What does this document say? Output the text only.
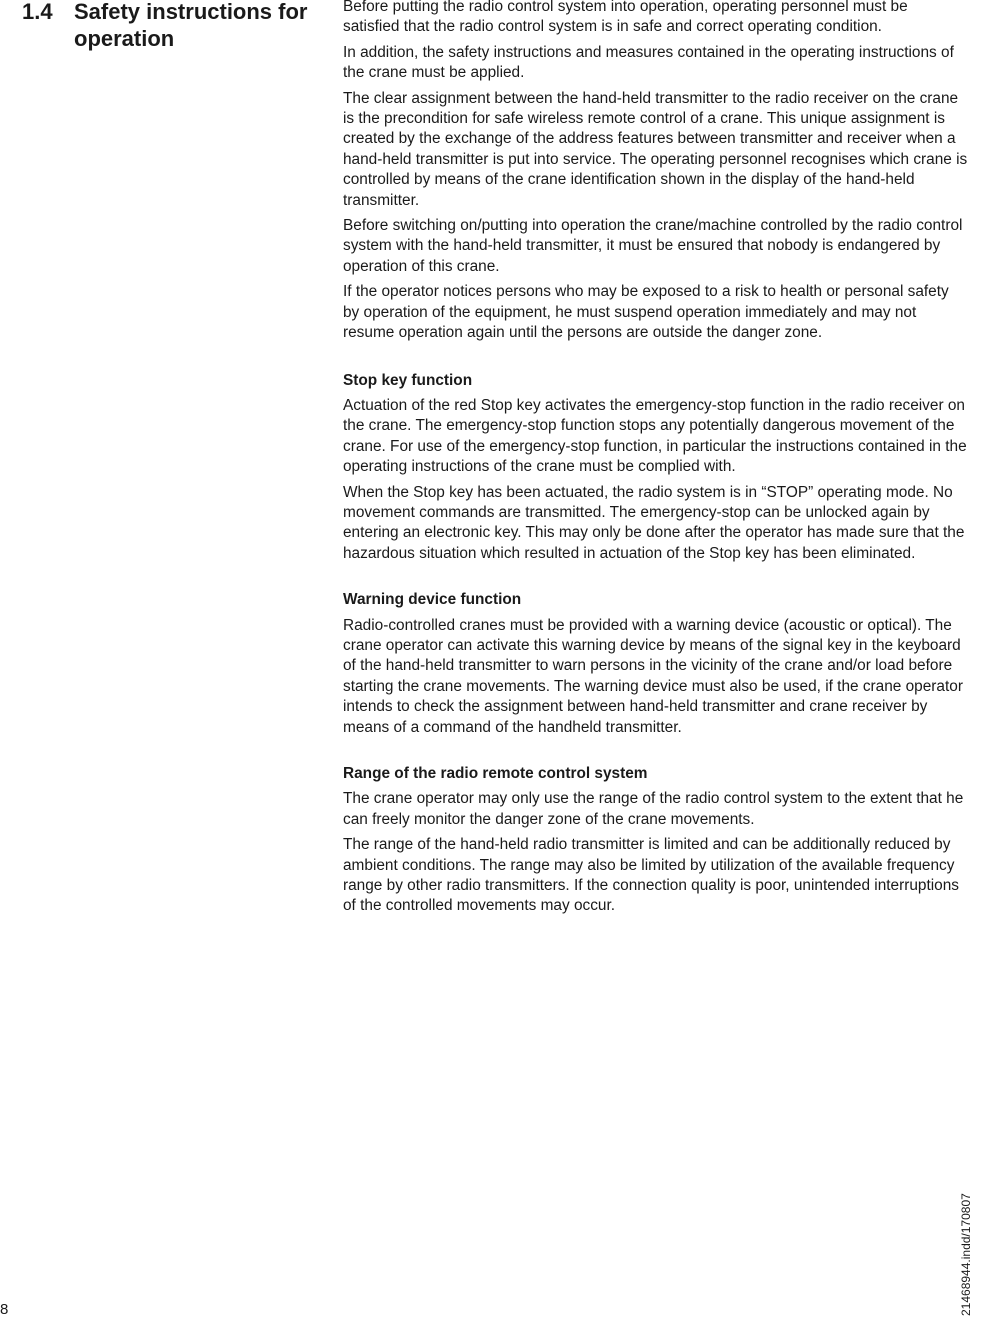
1.4 Safety instructions for operation

Before putting the radio control system into operation, operating personnel must be satisfied that the radio control system is in safe and correct operating condition.

In addition, the safety instructions and measures contained in the operating instructions of the crane must be applied.

The clear assignment between the hand-held transmitter to the radio receiver on the crane is the precondition for safe wireless remote control of a crane. This unique assignment is created by the exchange of the address features between transmitter and receiver when a hand-held transmitter is put into service. The operating personnel recognises which crane is controlled by means of the crane identification shown in the display of the hand-held transmitter.

Before switching on/putting into operation the crane/machine controlled by the radio control system with the hand-held transmitter, it must be ensured that nobody is endangered by operation of this crane.

If the operator notices persons who may be exposed to a risk to health or personal safety by operation of the equipment, he must suspend operation immediately and may not resume operation again until the persons are outside the danger zone.

Stop key function

Actuation of the red Stop key activates the emergency-stop function in the radio receiver on the crane. The emergency-stop function stops any potentially dangerous movement of the crane. For use of the emergency-stop function, in particular the instructions contained in the operating instructions of the crane must be complied with.

When the Stop key has been actuated, the radio system is in “STOP” operating mode. No movement commands are transmitted. The emergency-stop can be unlocked again by entering an electronic key. This may only be done after the operator has made sure that the hazardous situation which resulted in actuation of the Stop key has been eliminated.

Warning device function

Radio-controlled cranes must be provided with a warning device (acoustic or optical). The crane operator can activate this warning device by means of the signal key in the keyboard of the hand-held transmitter to warn persons in the vicinity of the crane and/or load before starting the crane movements. The warning device must also be used, if the crane operator intends to check the assignment between hand-held transmitter and crane receiver by means of a command of the handheld transmitter.

Range of the radio remote control system

The crane operator may only use the range of the radio control system to the extent that he can freely monitor the danger zone of the crane movements.

The range of the hand-held radio transmitter is limited and can be additionally reduced by ambient conditions. The range may also be limited by utilization of the available frequency range by other radio transmitters. If the connection quality is poor, unintended interruptions of the controlled movements may occur.

8	21468944.indd/170807
